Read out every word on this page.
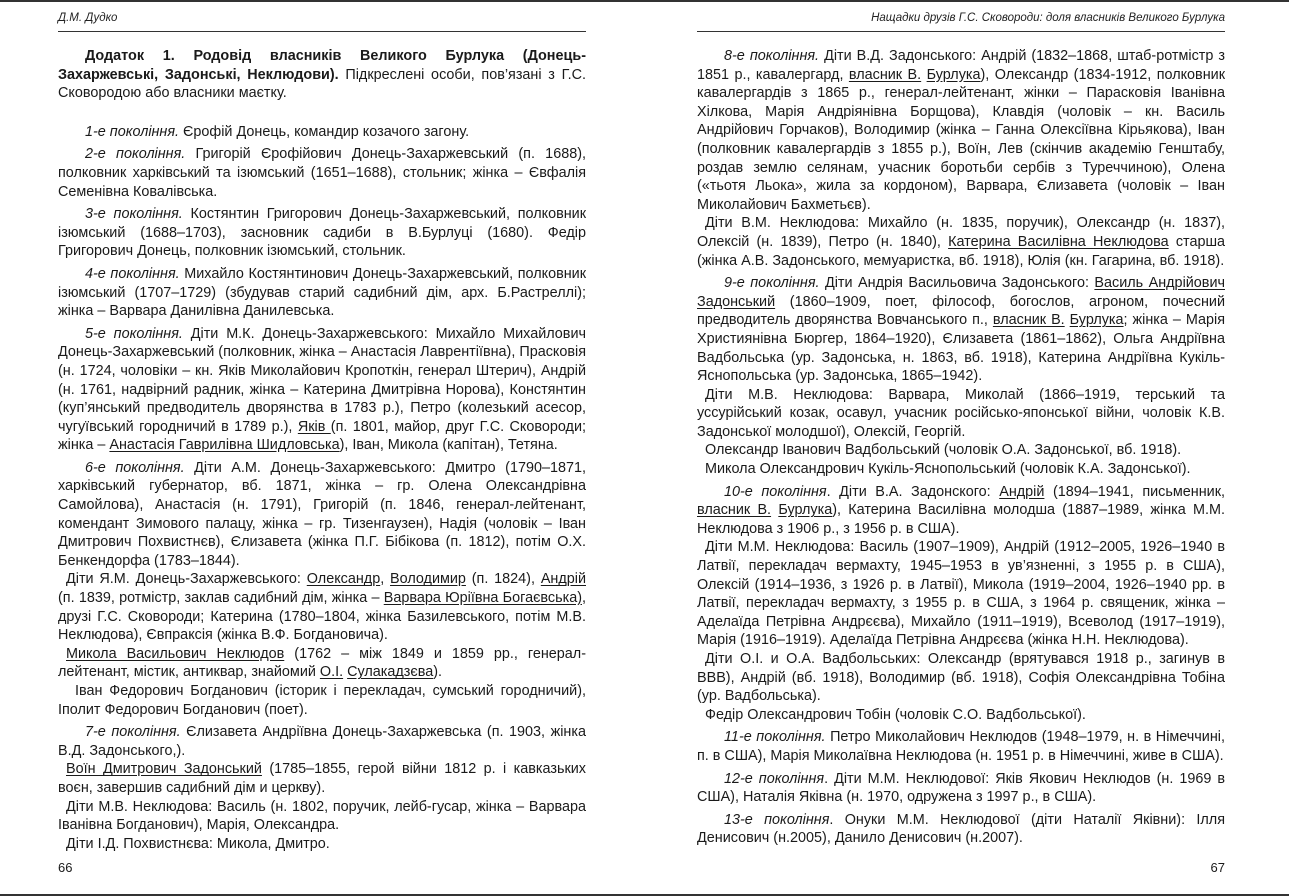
Д.М. Дудко

Додаток 1. Родовід власників Великого Бурлука (Донець-Захаржевські, Задонські, Неклюдови). Підкреслені особи, пов’язані з Г.С. Сковородою або власники маєтку.

1-е покоління. Єрофій Донець, командир козачого загону.

2-е покоління. Григорій Єрофійович Донець-Захаржевський (п. 1688), полковник харківський та ізюмський (1651–1688), стольник; жінка – Євфалія Семенівна Ковалівська.

3-е покоління. Костянтин Григорович Донець-Захаржевський, полковник ізюмський (1688–1703), засновник садиби в В.Бурлуці (1680). Федір Григорович Донець, полковник ізюмський, стольник.

4-е покоління. Михайло Костянтинович Донець-Захаржевський, полковник ізюмський (1707–1729) (збудував старий садибний дім, арх. Б.Растреллі); жінка – Варвара Данилівна Данилевська.

5-е покоління. Діти М.К. Донець-Захаржевського: Михайло Михайлович Донець-Захаржевський (полковник, жінка – Анастасія Лаврентіївна), Прасковія (н. 1724, чоловіки – кн. Яків Миколайович Кропоткін, генерал Штерич), Андрій (н. 1761, надвірний радник, жінка – Катерина Дмитрівна Норова), Констянтин (куп’янський предводитель дворянства в 1783 р.), Петро (колезький асесор, чугуївський городничий в 1789 р.), Яків (п. 1801, майор, друг Г.С. Сковороди; жінка – Анастасія Гаврилівна Шидловська), Іван, Микола (капітан), Тетяна.

6-е покоління. Діти А.М. Донець-Захаржевського: Дмитро (1790–1871, харківський губернатор, вб. 1871, жінка – гр. Олена Олександрівна Самойлова), Анастасія (н. 1791), Григорій (п. 1846, генерал-лейтенант, комендант Зимового палацу, жінка – гр. Тизенгаузен), Надія (чоловік – Іван Дмитрович Похвистнєв), Єлизавета (жінка П.Г. Бібікова (п. 1812), потім О.Х. Бенкендорфа (1783–1844).

Діти Я.М. Донець-Захаржевського: Олександр, Володимир (п. 1824), Андрій (п. 1839, ротмістр, заклав садибний дім, жінка – Варвара Юріївна Богаєвська), друзі Г.С. Сковороди; Катерина (1780–1804, жінка Базилевського, потім М.В. Неклюдова), Євпраксія (жінка В.Ф. Богдановича).

Микола Васильович Неклюдов (1762 – між 1849 и 1859 рр., генерал-лейтенант, містик, антиквар, знайомий О.І. Сулакадзєва).

Іван Федорович Богданович (історик і перекладач, сумський городничий), Іполит Федорович Богданович (поет).

7-е покоління. Єлизавета Андріївна Донець-Захаржевська (п. 1903, жінка В.Д. Задонського,).

Воїн Дмитрович Задонський (1785–1855, герой війни 1812 р. і кавказьких воєн, завершив садибний дім и церкву).

Діти М.В. Неклюдова: Василь (н. 1802, поручик, лейб-гусар, жінка – Варвара Іванівна Богданович), Марія, Олександра.

Діти І.Д. Похвистнєва: Микола, Дмитро.

66
Нащадки друзів Г.С. Сковороди: доля власників Великого Бурлука

8-е покоління. Діти В.Д. Задонського: Андрій (1832–1868, штаб-ротмістр з 1851 р., кавалергард, власник В. Бурлука), Олександр (1834-1912, полковник кавалергардів з 1865 р., генерал-лейтенант, жінки – Парасковія Іванівна Хілкова, Марія Андріянівна Борщова), Клавдія (чоловік – кн. Василь Андрійович Горчаков), Володимир (жінка – Ганна Олексіївна Кірьякова), Іван (полковник кавалергардів з 1855 р.), Воїн, Лев (скінчив академію Генштабу, роздав землю селянам, учасник боротьби сербів з Туреччиною), Олена («тьотя Льока», жила за кордоном), Варвара, Єлизавета (чоловік – Іван Миколайович Бахметьєв).

Діти В.М. Неклюдова: Михайло (н. 1835, поручик), Олександр (н. 1837), Олексій (н. 1839), Петро (н. 1840), Катерина Василівна Неклюдова старша (жінка А.В. Задонського, мемуаристка, вб. 1918), Юлія (кн. Гагарина, вб. 1918).

9-е покоління. Діти Андрія Васильовича Задонського: Василь Андрійович Задонський (1860–1909, поет, філософ, богослов, агроном, почесний предводитель дворянства Вовчанського п., власник В. Бурлука; жінка – Марія Християнівна Бюргер, 1864–1920), Єлизавета (1861–1862), Ольга Андріївна Вадбольська (ур. Задонська, н. 1863, вб. 1918), Катерина Андріївна Кукіль-Яснопольська (ур. Задонська, 1865–1942).

Діти М.В. Неклюдова: Варвара, Миколай (1866–1919, терський та уссурійський козак, осавул, учасник російсько-японської війни, чоловік К.В. Задонської молодшої), Олексій, Георгій.

Олександр Іванович Вадбольський (чоловік О.А. Задонської, вб. 1918).

Микола Олександрович Кукіль-Яснопольський (чоловік К.А. Задонської).

10-е покоління. Діти В.А. Задонского: Андрій (1894–1941, письменник, власник В. Бурлука), Катерина Василівна молодша (1887–1989, жінка М.М. Неклюдова з 1906 р., з 1956 р. в США).

Діти М.М. Неклюдова: Василь (1907–1909), Андрій (1912–2005, 1926–1940 в Латвії, перекладач вермахту, 1945–1953 в ув’язненні, з 1955 р. в США), Олексій (1914–1936, з 1926 р. в Латвії), Микола (1919–2004, 1926–1940 рр. в Латвії, перекладач вермахту, з 1955 р. в США, з 1964 р. священик, жінка – Аделаїда Петрівна Андрєєва), Михайло (1911–1919), Всеволод (1917–1919), Марія (1916–1919). Аделаїда Петрівна Андрєєва (жінка Н.Н. Неклюдова).

Діти О.І. и О.А. Вадбольських: Олександр (врятувався 1918 р., загинув в ВВВ), Андрій (вб. 1918), Володимир (вб. 1918), Софія Олександрівна Тобіна (ур. Вадбольська).

Федір Олександрович Тобін (чоловік С.О. Вадбольської).

11-е покоління. Петро Миколайович Неклюдов (1948–1979, н. в Німеччині, п. в США), Марія Миколаївна Неклюдова (н. 1951 р. в Німеччині, живе в США).

12-е покоління. Діти М.М. Неклюдової: Яків Якович Неклюдов (н. 1969 в США), Наталія Яківна (н. 1970, одружена з 1997 р., в США).

13-е покоління. Онуки М.М. Неклюдової (діти Наталії Яківни): Ілля Денисович (н.2005), Данило Денисович (н.2007).

67
